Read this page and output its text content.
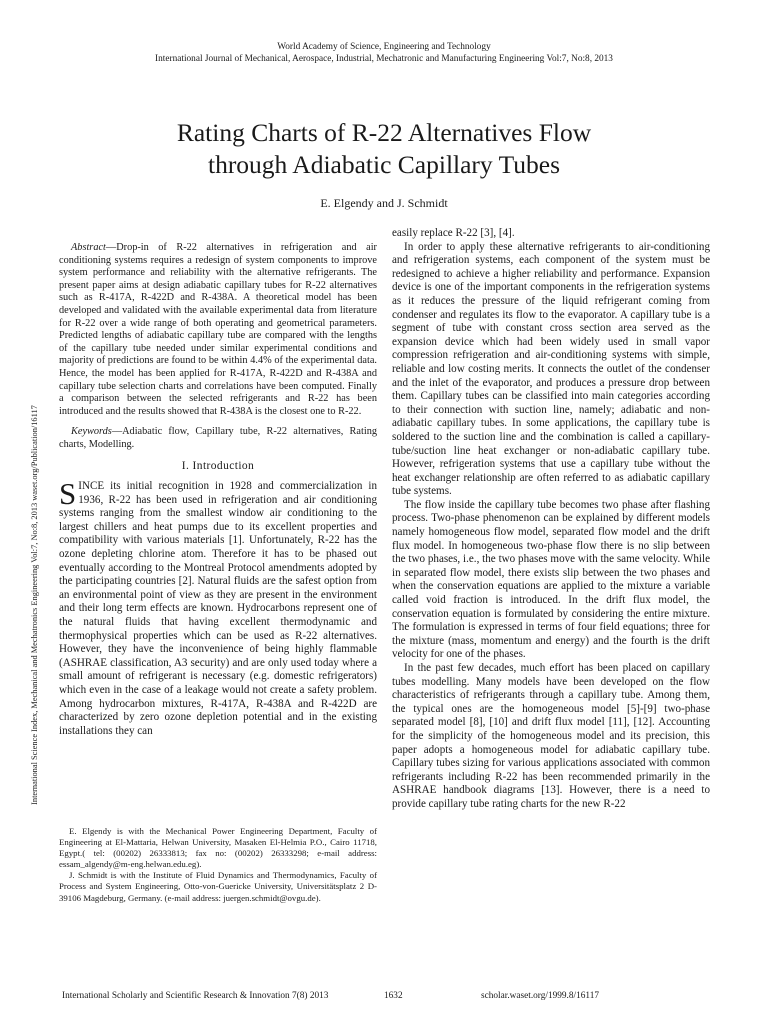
World Academy of Science, Engineering and Technology
International Journal of Mechanical, Aerospace, Industrial, Mechatronic and Manufacturing Engineering Vol:7, No:8, 2013
Rating Charts of R-22 Alternatives Flow
through Adiabatic Capillary Tubes
E. Elgendy and J. Schmidt
International Science Index, Mechanical and Mechatronics Engineering Vol:7, No:8, 2013 waset.org/Publication/16117

Abstract—Drop-in of R-22 alternatives in refrigeration and air conditioning systems requires a redesign of system components to improve system performance and reliability with the alternative refrigerants. The present paper aims at design adiabatic capillary tubes for R-22 alternatives such as R-417A, R-422D and R-438A. A theoretical model has been developed and validated with the available experimental data from literature for R-22 over a wide range of both operating and geometrical parameters. Predicted lengths of adiabatic capillary tube are compared with the lengths of the capillary tube needed under similar experimental conditions and majority of predictions are found to be within 4.4% of the experimental data. Hence, the model has been applied for R-417A, R-422D and R-438A and capillary tube selection charts and correlations have been computed. Finally a comparison between the selected refrigerants and R-22 has been introduced and the results showed that R-438A is the closest one to R-22.

Keywords—Adiabatic flow, Capillary tube, R-22 alternatives, Rating charts, Modelling.

I. Introduction

SINCE its initial recognition in 1928 and commercialization in 1936, R-22 has been used in refrigeration and air conditioning systems ranging from the smallest window air conditioning to the largest chillers and heat pumps due to its excellent properties and compatibility with various materials [1]. Unfortunately, R-22 has the ozone depleting chlorine atom. Therefore it has to be phased out eventually according to the Montreal Protocol amendments adopted by the participating countries [2]. Natural fluids are the safest option from an environmental point of view as they are present in the environment and their long term effects are known. Hydrocarbons represent one of the natural fluids that having excellent thermodynamic and thermophysical properties which can be used as R-22 alternatives. However, they have the inconvenience of being highly flammable (ASHRAE classification, A3 security) and are only used today where a small amount of refrigerant is necessary (e.g. domestic refrigerators) which even in the case of a leakage would not create a safety problem. Among hydrocarbon mixtures, R-417A, R-438A and R-422D are characterized by zero ozone depletion potential and in the existing installations they can

E. Elgendy is with the Mechanical Power Engineering Department, Faculty of Engineering at El-Mattaria, Helwan University, Masaken El-Helmia P.O., Cairo 11718, Egypt.( tel: (00202) 26333813; fax no: (00202) 26333298; e-mail address: essam_algendy@m-eng.helwan.edu.eg).

J. Schmidt is with the Institute of Fluid Dynamics and Thermodynamics, Faculty of Process and System Engineering, Otto-von-Guericke University, Universitätsplatz 2 D-39106 Magdeburg, Germany. (e-mail address: juergen.schmidt@ovgu.de).

easily replace R-22 [3], [4].

In order to apply these alternative refrigerants to air-conditioning and refrigeration systems, each component of the system must be redesigned to achieve a higher reliability and performance. Expansion device is one of the important components in the refrigeration systems as it reduces the pressure of the liquid refrigerant coming from condenser and regulates its flow to the evaporator. A capillary tube is a segment of tube with constant cross section area served as the expansion device which had been widely used in small vapor compression refrigeration and air-conditioning systems with simple, reliable and low costing merits. It connects the outlet of the condenser and the inlet of the evaporator, and produces a pressure drop between them. Capillary tubes can be classified into main categories according to their connection with suction line, namely; adiabatic and non-adiabatic capillary tubes. In some applications, the capillary tube is soldered to the suction line and the combination is called a capillary-tube/suction line heat exchanger or non-adiabatic capillary tube. However, refrigeration systems that use a capillary tube without the heat exchanger relationship are often referred to as adiabatic capillary tube systems.

The flow inside the capillary tube becomes two phase after flashing process. Two-phase phenomenon can be explained by different models namely homogeneous flow model, separated flow model and the drift flux model. In homogeneous two-phase flow there is no slip between the two phases, i.e., the two phases move with the same velocity. While in separated flow model, there exists slip between the two phases and when the conservation equations are applied to the mixture a variable called void fraction is introduced. In the drift flux model, the conservation equation is formulated by considering the entire mixture. The formulation is expressed in terms of four field equations; three for the mixture (mass, momentum and energy) and the fourth is the drift velocity for one of the phases.

In the past few decades, much effort has been placed on capillary tubes modelling. Many models have been developed on the flow characteristics of refrigerants through a capillary tube. Among them, the typical ones are the homogeneous model [5]-[9] two-phase separated model [8], [10] and drift flux model [11], [12]. Accounting for the simplicity of the homogeneous model and its precision, this paper adopts a homogeneous model for adiabatic capillary tube. Capillary tubes sizing for various applications associated with common refrigerants including R-22 has been recommended primarily in the ASHRAE handbook diagrams [13]. However, there is a need to provide capillary tube rating charts for the new R-22

International Scholarly and Scientific Research & Innovation 7(8) 2013	1632	scholar.waset.org/1999.8/16117
